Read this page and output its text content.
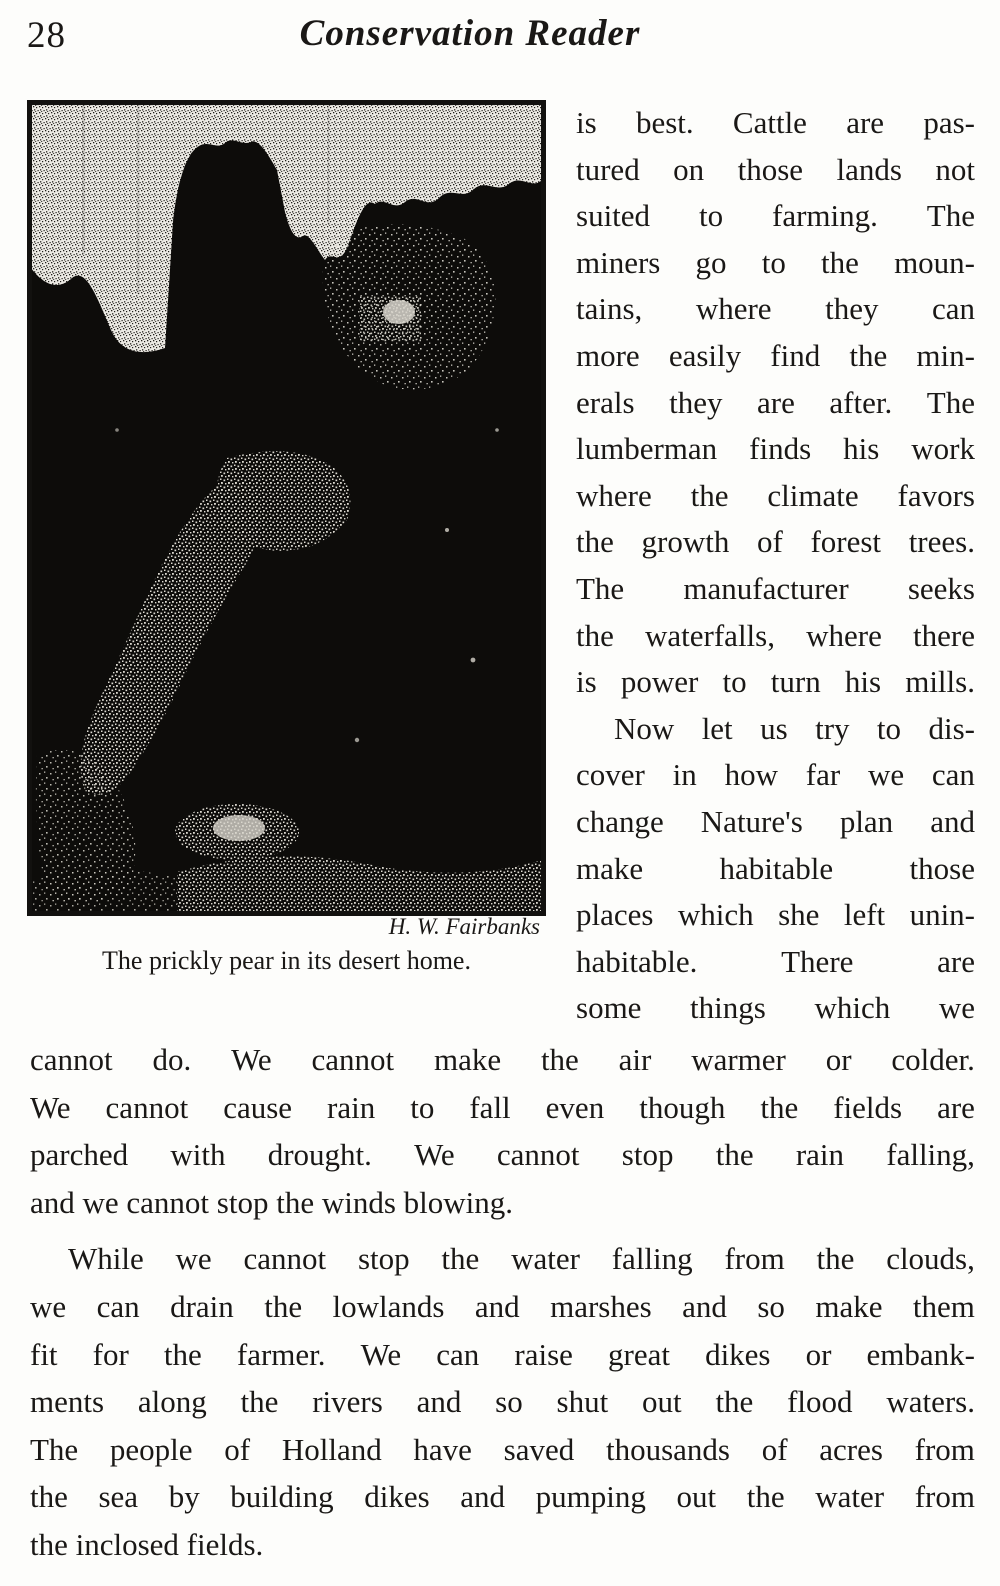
28	Conservation Reader
H. W. Fairbanks
The prickly pear in its desert home.
is best. Cattle are pas-
tured on those lands not
suited to farming. The
miners go to the moun-
tains, where they can
more easily find the min-
erals they are after. The
lumberman finds his work
where the climate favors
the growth of forest trees.
The manufacturer seeks
the waterfalls, where there
is power to turn his mills.
Now let us try to dis-
cover in how far we can
change Nature's plan and
make habitable those
places which she left unin-
habitable.	There	are
some things which we
cannot do. We cannot make the air warmer or colder.
We cannot cause rain to fall even though the fields are
parched with drought. We cannot stop the rain falling,
and we cannot stop the winds blowing.
While we cannot stop the water falling from the clouds,
we can drain the lowlands and marshes and so make them
fit for the farmer. We can raise great dikes or embank-
ments along the rivers and so shut out the flood waters.
The people of Holland have saved thousands of acres from
the sea by building dikes and pumping out the water from
the inclosed fields.
